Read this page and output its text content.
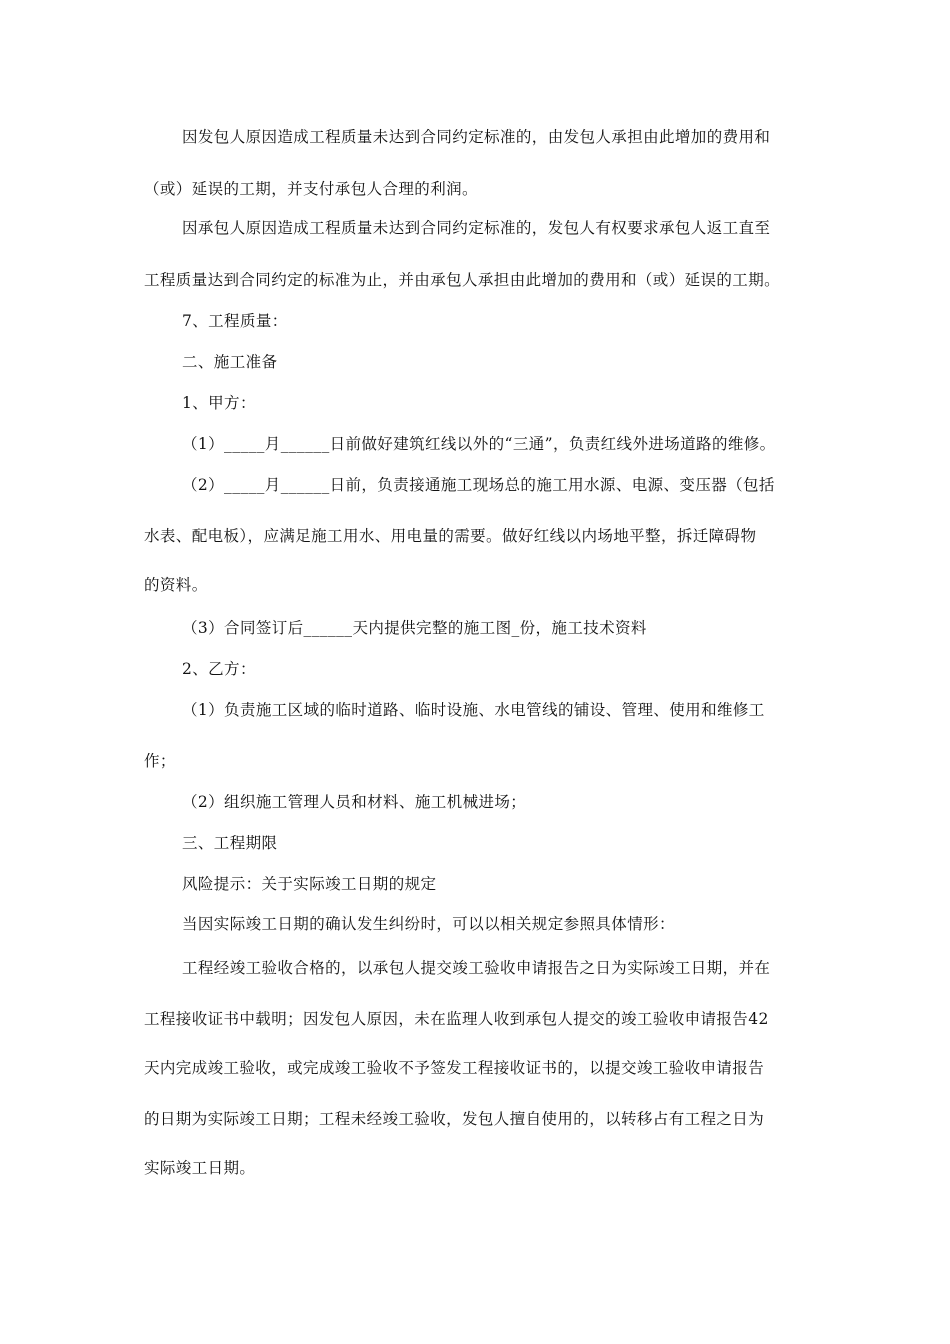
因发包人原因造成工程质量未达到合同约定标准的，由发包人承担由此增加的费用和
（或）延误的工期，并支付承包人合理的利润。
因承包人原因造成工程质量未达到合同约定标准的，发包人有权要求承包人返工直至
工程质量达到合同约定的标准为止，并由承包人承担由此增加的费用和（或）延误的工期。
7、工程质量：
二、施工准备
1、甲方：
（1）_____月______日前做好建筑红线以外的“三通”，负责红线外进场道路的维修。
（2）_____月______日前，负责接通施工现场总的施工用水源、电源、变压器（包括
水表、配电板），应满足施工用水、用电量的需要。做好红线以内场地平整，拆迁障碍物
的资料。
（3）合同签订后______天内提供完整的施工图_份，施工技术资料
2、乙方：
（1）负责施工区域的临时道路、临时设施、水电管线的铺设、管理、使用和维修工
作；
（2）组织施工管理人员和材料、施工机械进场；
三、工程期限
风险提示：关于实际竣工日期的规定
当因实际竣工日期的确认发生纠纷时，可以以相关规定参照具体情形：
工程经竣工验收合格的，以承包人提交竣工验收申请报告之日为实际竣工日期，并在
工程接收证书中载明；因发包人原因，未在监理人收到承包人提交的竣工验收申请报告42
天内完成竣工验收，或完成竣工验收不予签发工程接收证书的，以提交竣工验收申请报告
的日期为实际竣工日期；工程未经竣工验收，发包人擅自使用的，以转移占有工程之日为
实际竣工日期。
